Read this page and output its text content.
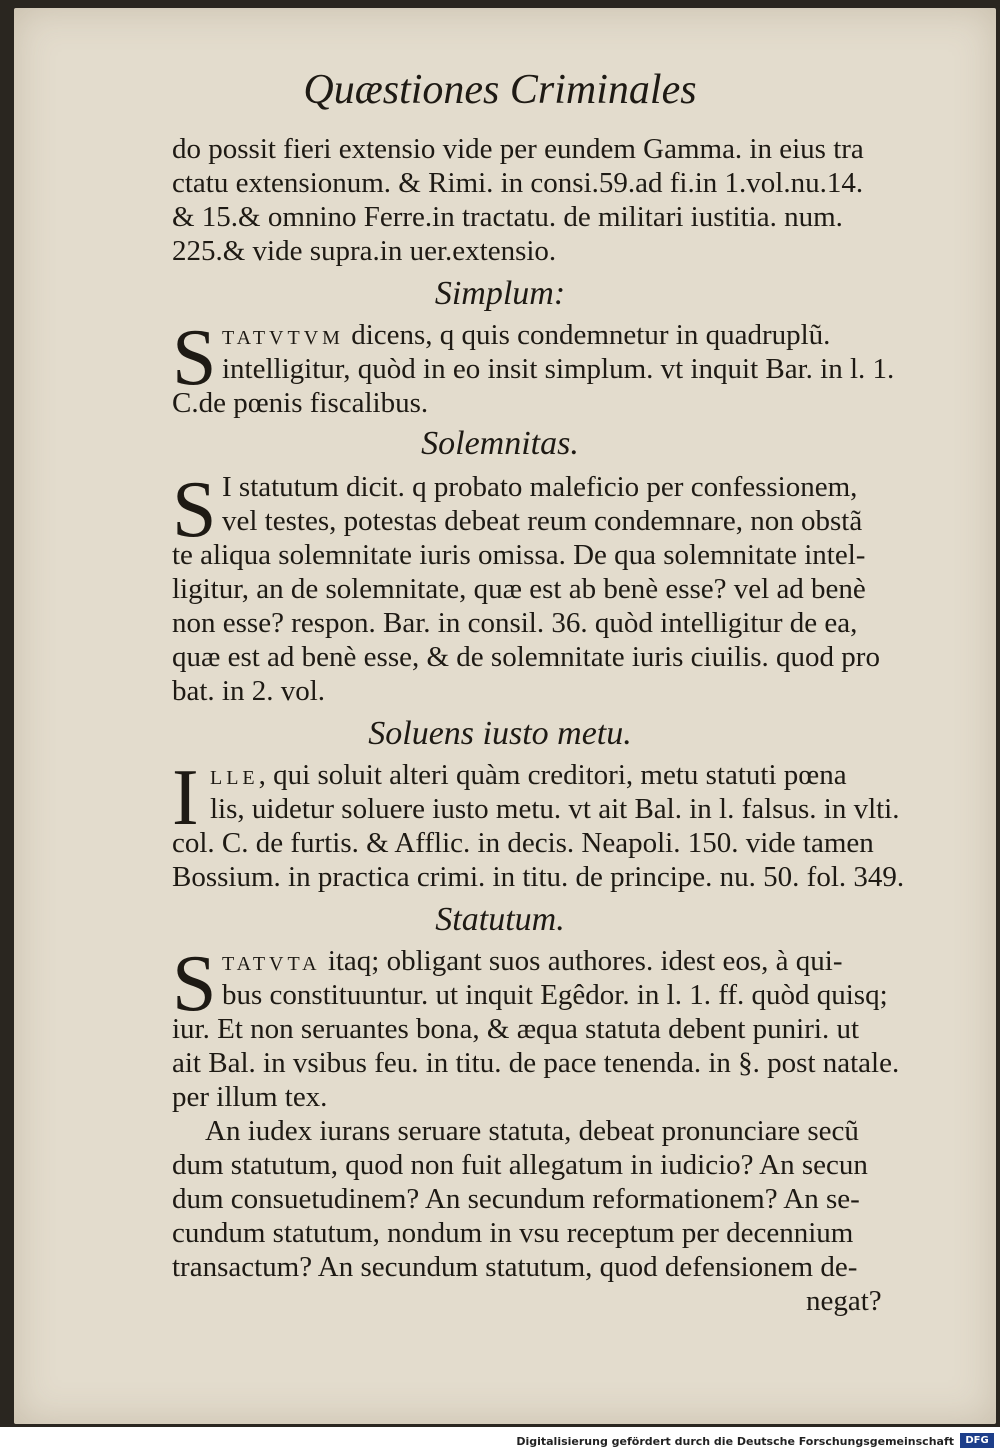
Quæstiones Criminales
do possit fieri extensio vide per eundem Gamma. in eius tra
ctatu extensionum. & Rimi. in consi.59.ad fi.in 1.vol.nu.14.
& 15.& omnino Ferre.in tractatu. de militari iustitia. num.
225.& vide supra.in uer.extensio.
Simplum:
S TATVTVM dicens, q quis condemnetur in quadruplũ.
intelligitur, quòd in eo insit simplum. vt inquit Bar. in l. 1.
C.de pœnis fiscalibus.
Solemnitas.
S I statutum dicit. q probato maleficio per confessionem,
vel testes, potestas debeat reum condemnare, non obstã
te aliqua solemnitate iuris omissa. De qua solemnitate intel-
ligitur, an de solemnitate, quæ est ab benè esse? vel ad benè
non esse? respon. Bar. in consil. 36. quòd intelligitur de ea,
quæ est ad benè esse, & de solemnitate iuris ciuilis. quod pro
bat. in 2. vol.
Soluens iusto metu.
I LLE, qui soluit alteri quàm creditori, metu statuti pœna
lis, uidetur soluere iusto metu. vt ait Bal. in l. falsus. in vlti.
col. C. de furtis. & Afflic. in decis. Neapoli. 150. vide tamen
Bossium. in practica crimi. in titu. de principe. nu. 50. fol. 349.
Statutum.
S TATVTA itaq; obligant suos authores. idest eos, à qui-
bus constituuntur. ut inquit Egêdor. in l. 1. ff. quòd quisq;
iur. Et non seruantes bona, & æqua statuta debent puniri. ut
ait Bal. in vsibus feu. in titu. de pace tenenda. in §. post natale.
per illum tex.
An iudex iurans seruare statuta, debeat pronunciare secũ
dum statutum, quod non fuit allegatum in iudicio? An secun
dum consuetudinem? An secundum reformationem? An se-
cundum statutum, nondum in vsu receptum per decennium
transactum? An secundum statutum, quod defensionem de-
negat?
Digitalisierung gefördert durch die Deutsche Forschungsgemeinschaft	DFG
